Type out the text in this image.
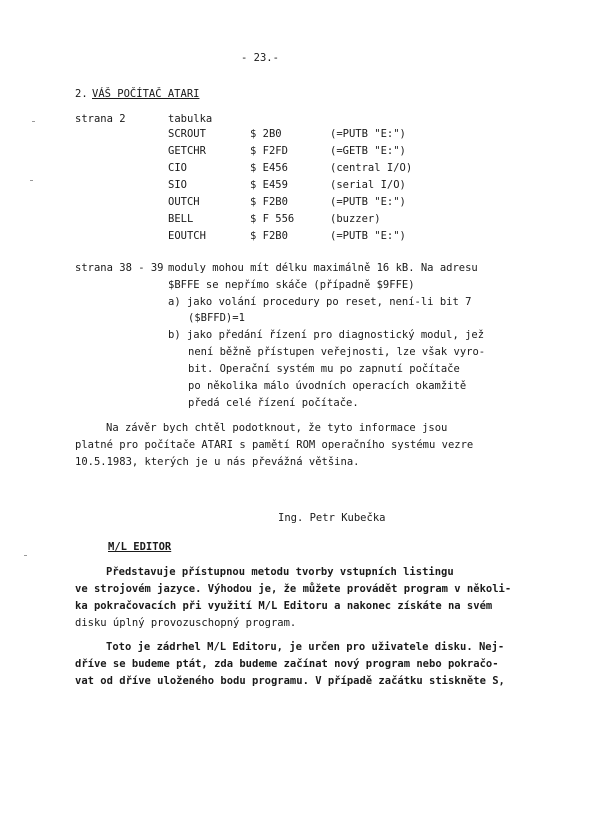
- 23.-
2. VÁŠ POČÍTAČ ATARI
strana 2	tabulka
SCROUT	$ 2B0	(=PUTB "E:")
GETCHR	$ F2FD	(=GETB "E:")
CIO	$ E456	(central I/O)
SIO	$ E459	(serial I/O)
OUTCH	$ F2B0	(=PUTB "E:")
BELL	$ F 556	(buzzer)
EOUTCH	$ F2B0	(=PUTB "E:")
strana 38 - 39 moduly mohou mít délku maximálně 16 kB. Na adresu
$BFFE se nepřímo skáče (případně $9FFE)
a) jako volání procedury po reset, není-li bit 7
($BFFD)=1
b) jako předání řízení pro diagnostický modul, jež
není běžně přístupen veřejnosti, lze však vyro-
bit. Operační systém mu po zapnutí počítače
po několika málo úvodních operacích okamžitě
předá celé řízení počítače.
Na závěr bych chtěl podotknout, že tyto informace jsou
platné pro počítače ATARI s pamětí ROM operačního systému vezre
10.5.1983, kterých je u nás převážná většina.
Ing. Petr Kubečka
M/L EDITOR
Představuje přístupnou metodu tvorby vstupních listingu
ve strojovém jazyce. Výhodou je, že můžete provádět program v několi-
ka pokračovacích při využití M/L Editoru a nakonec získáte na svém
disku úplný provozuschopný program.
Toto je zádrhel M/L Editoru, je určen pro uživatele disku. Nej-
dříve se budeme ptát, zda budeme začínat nový program nebo pokračo-
vat od dříve uloženého bodu programu. V případě začátku stiskněte S,
